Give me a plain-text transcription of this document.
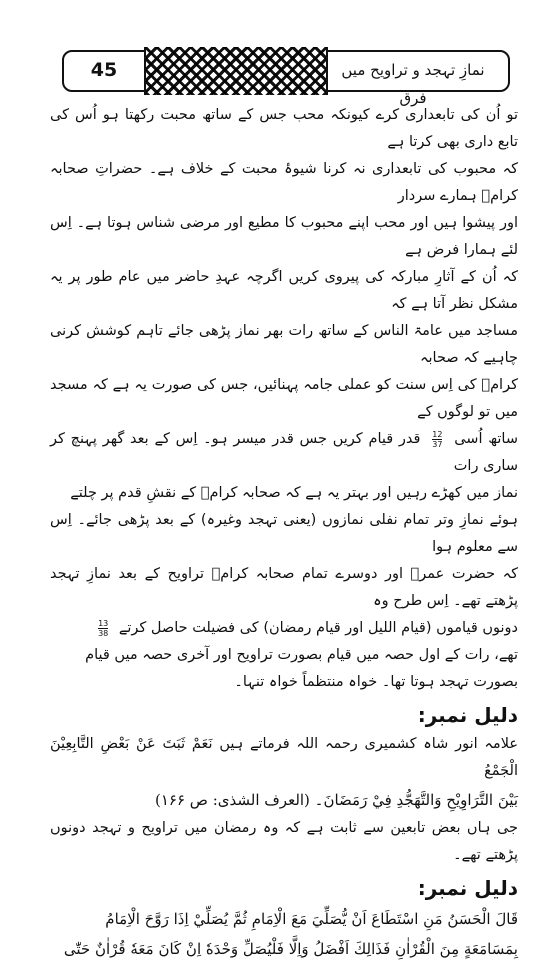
45	نمازِ تہجد و تراویح میں فرق

تو اُن کی تابعداری کرے کیونکہ محب جس کے ساتھ محبت رکھتا ہو اُس کی تابع داری بھی کرتا ہے

کہ محبوب کی تابعداری نہ کرنا شیوۂ محبت کے خلاف ہے۔ حضراتِ صحابہ کرامؓ ہمارے سردار

اور پیشوا ہیں اور محب اپنے محبوب کا مطیع اور مرضی شناس ہوتا ہے۔ اِس لئے ہمارا فرض ہے

کہ اُن کے آثارِ مبارکہ کی پیروی کریں اگرچہ عہدِ حاضر میں عام طور پر یہ مشکل نظر آتا ہے کہ

مساجد میں عامۃ الناس کے ساتھ رات بھر نماز پڑھی جائے تاہم کوشش کرنی چاہیے کہ صحابہ

کرامؓ کی اِس سنت کو عملی جامہ پہنائیں، جس کی صورت یہ ہے کہ مسجد میں تو لوگوں کے

ساتھ اُسی
$\frac{12}{37}$
قدر قیام کریں جس قدر میسر ہو۔ اِس کے بعد گھر پہنچ کر ساری رات

نماز میں کھڑے رہیں اور بہتر یہ ہے کہ صحابہ کرامؓ کے نقشِ قدم پر چلتے

ہوئے نمازِ وتر تمام نفلی نمازوں (یعنی تہجد وغیرہ) کے بعد پڑھی جائے۔ اِس سے معلوم ہوا

کہ حضرت عمرؓ اور دوسرے تمام صحابہ کرامؓ تراویح کے بعد نمازِ تہجد پڑھتے تھے۔ اِس طرح وہ

دونوں قیاموں (قیام اللیل اور قیام رمضان) کی فضیلت حاصل کرتے
$\frac{13}{38}$

تھے، رات کے اول حصہ میں قیام بصورت تراویح اور آخری حصہ میں قیام

بصورت تہجد ہوتا تھا۔ خواہ منتظماً خواہ تنہا۔

دلیل نمبر:

علامہ انور شاہ کشمیری رحمہ اللہ فرماتے ہیں نَعَمْ ثَبَتَ عَنْ بَعْضِ التَّابِعِيْنَ الْجَمْعُ

بَيْنَ التَّرَاوِيْحِ وَالتَّهَجُّدِ فِيْ رَمَضَانَ۔ (العرف الشذی: ص ۱۶۶)

جی ہاں بعض تابعین سے ثابت ہے کہ وہ رمضان میں تراویح و تہجد دونوں پڑھتے تھے۔

دلیل نمبر:

قَالَ الْحَسَنُ مَنِ اسْتَطَاعَ اَنْ يُّصَلِّيَ مَعَ الْاِمَامِ ثُمَّ يُصَلِّيْ اِذَا رَوَّحَ الْاِمَامُ

بِمَسَامَعَةٍ مِنَ الْقُرْاٰنِ فَذَالِكَ اَفْضَلُ وَاِلَّا فَلْيُصَلِّ وَحْدَهٗ اِنْ كَانَ مَعَهٗ قُرْاٰنٌ حَتّٰى
